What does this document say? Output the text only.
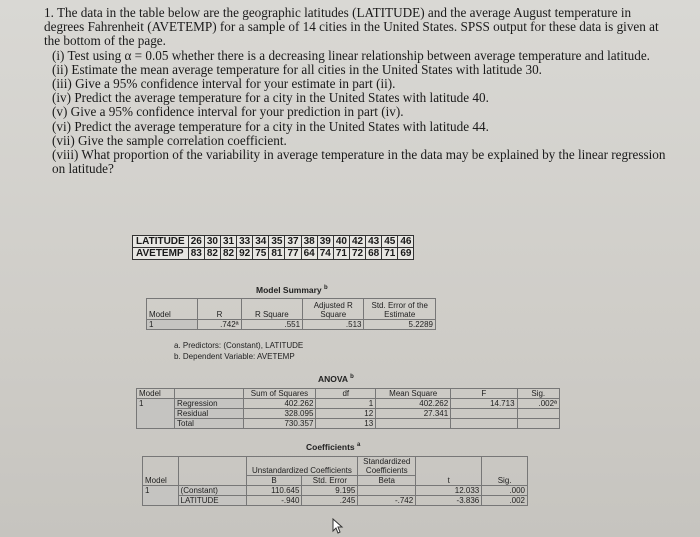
1. The data in the table below are the geographic latitudes (LATITUDE) and the average August temperature in degrees Fahrenheit (AVETEMP) for a sample of 14 cities in the United States. SPSS output for these data is given at the bottom of the page.

(i) Test using α = 0.05 whether there is a decreasing linear relationship between average temperature and latitude.

(ii) Estimate the mean average temperature for all cities in the United States with latitude 30.

(iii) Give a 95% confidence interval for your estimate in part (ii).

(iv) Predict the average temperature for a city in the United States with latitude 40.

(v) Give a 95% confidence interval for your prediction in part (iv).

(vi) Predict the average temperature for a city in the United States with latitude 44.

(vii) Give the sample correlation coefficient.

(viii) What proportion of the variability in average temperature in the data may be explained by the linear regression on latitude?

LATITUDE	26	30	31	33	34	35	37	38	39	40	42	43	45	46
AVETEMP	83	82	82	92	75	81	77	64	74	71	72	68	71	69
Model Summary $^b$
Model	R	R Square	Adjusted R Square	Std. Error of the Estimate
1	.742ª	.551	.513	5.2289
a. Predictors: (Constant), LATITUDE
b. Dependent Variable: AVETEMP
ANOVA $^b$
Model		Sum of Squares	df	Mean Square	F	Sig.
1	Regression	402.262	1	402.262	14.713	.002ª
	Residual	328.095	12	27.341		
	Total	730.357	13			
Coefficients $^a$
Model		Unstandardized Coefficients		Standardized Coefficients	t	Sig.
		B	Std. Error	Beta		
1	(Constant)	110.645	9.195		12.033	.000
	LATITUDE	-.940	.245	-.742	-3.836	.002
